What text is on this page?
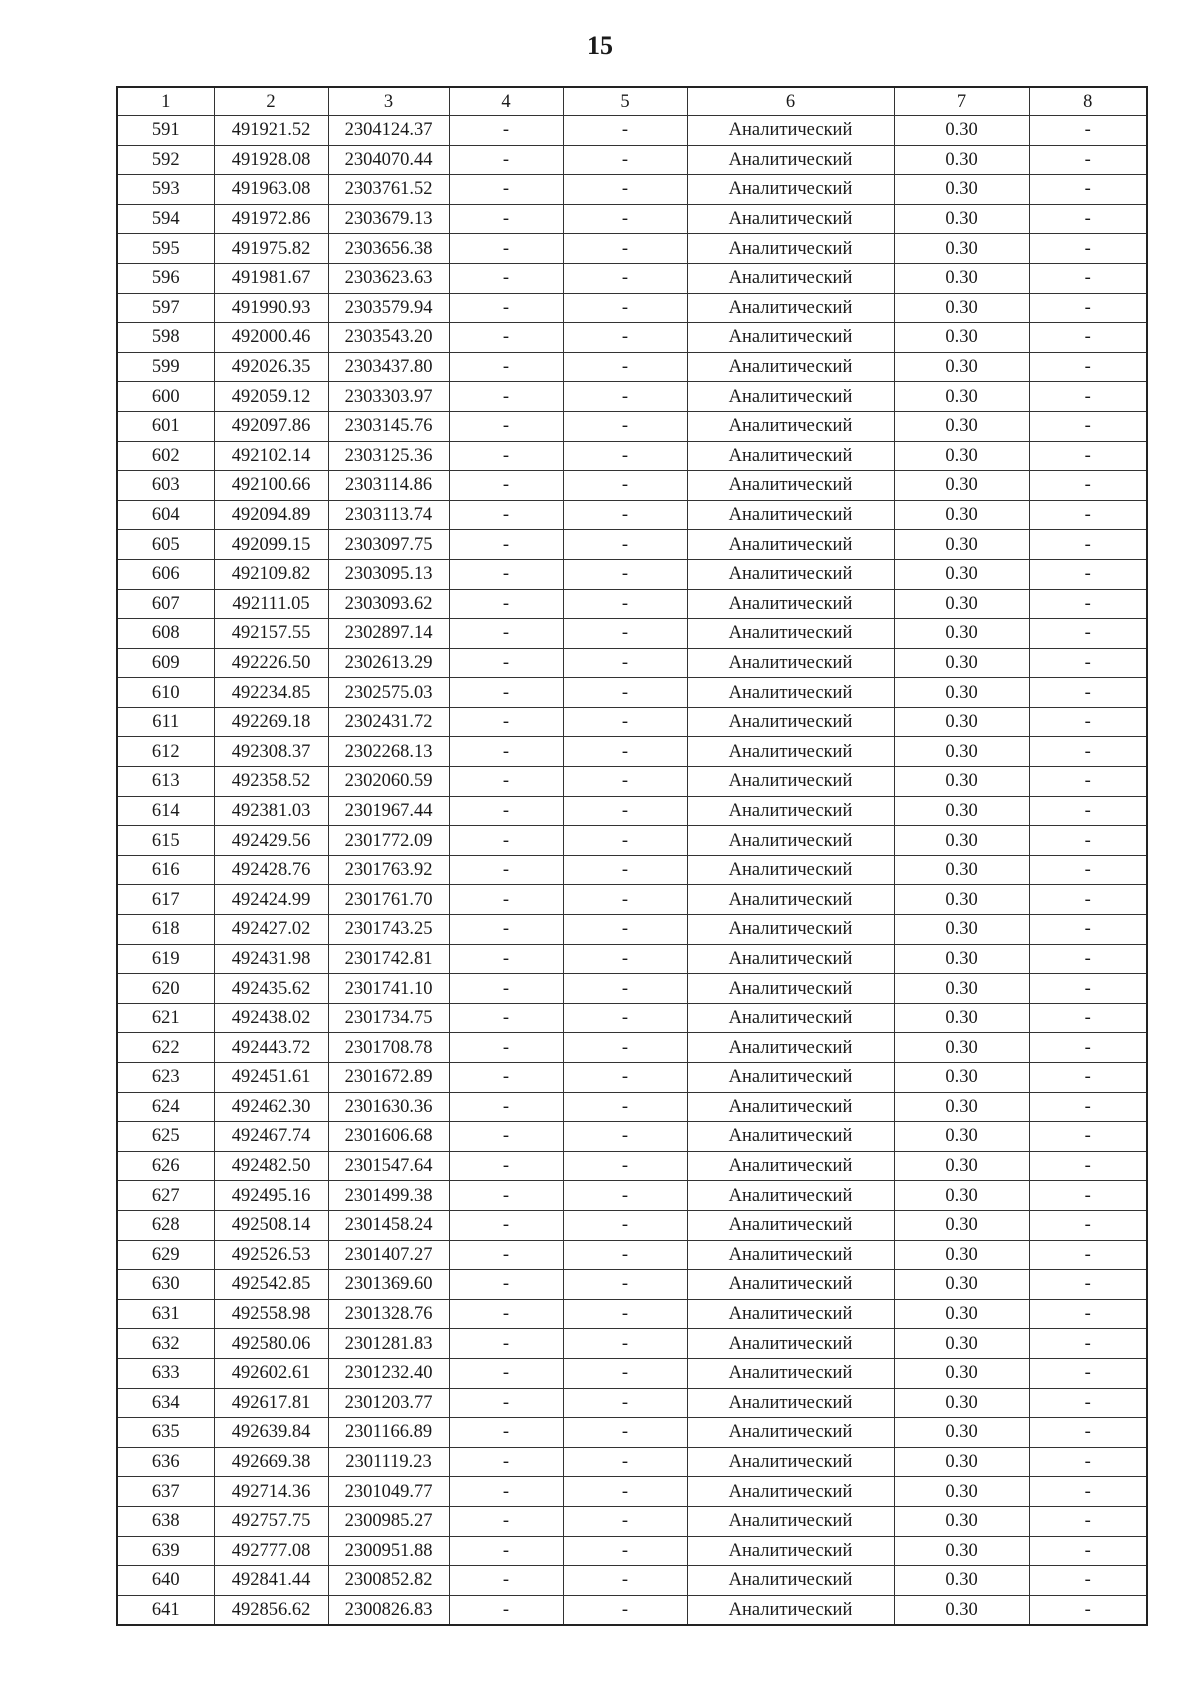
15
1	2	3	4	5	6	7	8
591	491921.52	2304124.37	-	-	Аналитический	0.30	-
592	491928.08	2304070.44	-	-	Аналитический	0.30	-
593	491963.08	2303761.52	-	-	Аналитический	0.30	-
594	491972.86	2303679.13	-	-	Аналитический	0.30	-
595	491975.82	2303656.38	-	-	Аналитический	0.30	-
596	491981.67	2303623.63	-	-	Аналитический	0.30	-
597	491990.93	2303579.94	-	-	Аналитический	0.30	-
598	492000.46	2303543.20	-	-	Аналитический	0.30	-
599	492026.35	2303437.80	-	-	Аналитический	0.30	-
600	492059.12	2303303.97	-	-	Аналитический	0.30	-
601	492097.86	2303145.76	-	-	Аналитический	0.30	-
602	492102.14	2303125.36	-	-	Аналитический	0.30	-
603	492100.66	2303114.86	-	-	Аналитический	0.30	-
604	492094.89	2303113.74	-	-	Аналитический	0.30	-
605	492099.15	2303097.75	-	-	Аналитический	0.30	-
606	492109.82	2303095.13	-	-	Аналитический	0.30	-
607	492111.05	2303093.62	-	-	Аналитический	0.30	-
608	492157.55	2302897.14	-	-	Аналитический	0.30	-
609	492226.50	2302613.29	-	-	Аналитический	0.30	-
610	492234.85	2302575.03	-	-	Аналитический	0.30	-
611	492269.18	2302431.72	-	-	Аналитический	0.30	-
612	492308.37	2302268.13	-	-	Аналитический	0.30	-
613	492358.52	2302060.59	-	-	Аналитический	0.30	-
614	492381.03	2301967.44	-	-	Аналитический	0.30	-
615	492429.56	2301772.09	-	-	Аналитический	0.30	-
616	492428.76	2301763.92	-	-	Аналитический	0.30	-
617	492424.99	2301761.70	-	-	Аналитический	0.30	-
618	492427.02	2301743.25	-	-	Аналитический	0.30	-
619	492431.98	2301742.81	-	-	Аналитический	0.30	-
620	492435.62	2301741.10	-	-	Аналитический	0.30	-
621	492438.02	2301734.75	-	-	Аналитический	0.30	-
622	492443.72	2301708.78	-	-	Аналитический	0.30	-
623	492451.61	2301672.89	-	-	Аналитический	0.30	-
624	492462.30	2301630.36	-	-	Аналитический	0.30	-
625	492467.74	2301606.68	-	-	Аналитический	0.30	-
626	492482.50	2301547.64	-	-	Аналитический	0.30	-
627	492495.16	2301499.38	-	-	Аналитический	0.30	-
628	492508.14	2301458.24	-	-	Аналитический	0.30	-
629	492526.53	2301407.27	-	-	Аналитический	0.30	-
630	492542.85	2301369.60	-	-	Аналитический	0.30	-
631	492558.98	2301328.76	-	-	Аналитический	0.30	-
632	492580.06	2301281.83	-	-	Аналитический	0.30	-
633	492602.61	2301232.40	-	-	Аналитический	0.30	-
634	492617.81	2301203.77	-	-	Аналитический	0.30	-
635	492639.84	2301166.89	-	-	Аналитический	0.30	-
636	492669.38	2301119.23	-	-	Аналитический	0.30	-
637	492714.36	2301049.77	-	-	Аналитический	0.30	-
638	492757.75	2300985.27	-	-	Аналитический	0.30	-
639	492777.08	2300951.88	-	-	Аналитический	0.30	-
640	492841.44	2300852.82	-	-	Аналитический	0.30	-
641	492856.62	2300826.83	-	-	Аналитический	0.30	-
